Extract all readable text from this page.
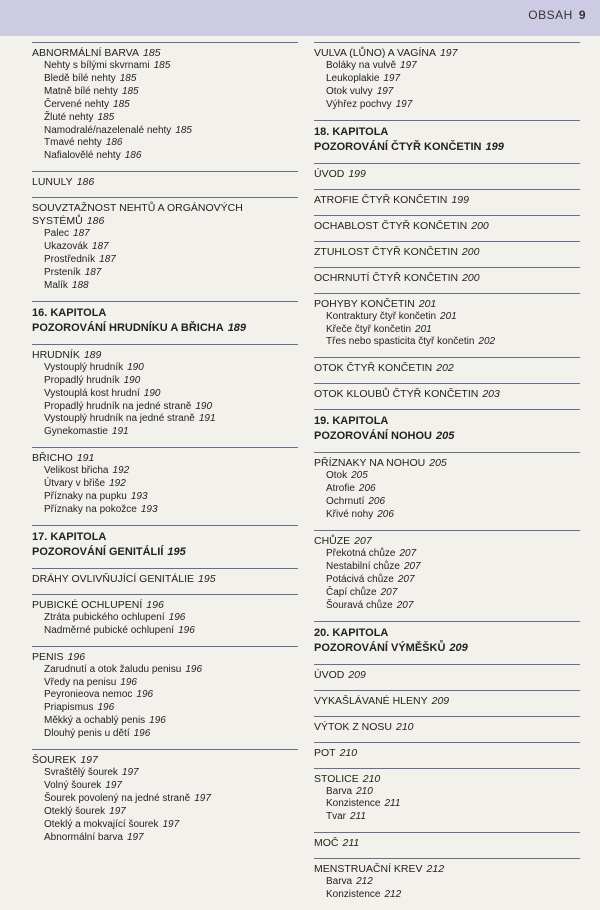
OBSAH 9
ABNORMÁLNÍ BARVA 185
Nehty s bílými skvrnami 185
Bledě bílé nehty 185
Matně bílé nehty 185
Červené nehty 185
Žluté nehty 185
Namodralé/nazelenalé nehty 185
Tmavé nehty 186
Nafialovělé nehty 186
LUNULY 186
SOUVZTAŽNOST NEHTŮ A ORGÁNOVÝCH SYSTÉMŮ 186
Palec 187
Ukazovák 187
Prostředník 187
Prsteník 187
Malík 188
16. KAPITOLA
POZOROVÁNÍ HRUDNÍKU A BŘICHA 189
HRUDNÍK 189
Vystouplý hrudník 190
Propadlý hrudník 190
Vystouplá kost hrudní 190
Propadlý hrudník na jedné straně 190
Vystouplý hrudník na jedné straně 191
Gynekomastie 191
BŘICHO 191
Velikost břicha 192
Útvary v břiše 192
Příznaky na pupku 193
Příznaky na pokožce 193
17. KAPITOLA
POZOROVÁNÍ GENITÁLIÍ 195
DRÁHY OVLIVŇUJÍCÍ GENITÁLIE 195
PUBICKÉ OCHLUPENÍ 196
Ztráta pubického ochlupení 196
Nadměrné pubické ochlupení 196
PENIS 196
Zarudnutí a otok žaludu penisu 196
Vředy na penisu 196
Peyronieova nemoc 196
Priapismus 196
Měkký a ochablý penis 196
Dlouhý penis u dětí 196
ŠOUREK 197
Svraštělý šourek 197
Volný šourek 197
Šourek povolený na jedné straně 197
Oteklý šourek 197
Oteklý a mokvající šourek 197
Abnormální barva 197
VULVA (LŮNO) A VAGÍNA 197
Boláky na vulvě 197
Leukoplakie 197
Otok vulvy 197
Výhřez pochvy 197
18. KAPITOLA
POZOROVÁNÍ ČTYŘ KONČETIN 199
ÚVOD 199
ATROFIE ČTYŘ KONČETIN 199
OCHABLOST ČTYŘ KONČETIN 200
ZTUHLOST ČTYŘ KONČETIN 200
OCHRNUTÍ ČTYŘ KONČETIN 200
POHYBY KONČETIN 201
Kontraktury čtyř končetin 201
Křeče čtyř končetin 201
Třes nebo spasticita čtyř končetin 202
OTOK ČTYŘ KONČETIN 202
OTOK KLOUBŮ ČTYŘ KONČETIN 203
19. KAPITOLA
POZOROVÁNÍ NOHOU 205
PŘÍZNAKY NA NOHOU 205
Otok 205
Atrofie 206
Ochrnutí 206
Křivé nohy 206
CHŮZE 207
Překotná chůze 207
Nestabilní chůze 207
Potácivá chůze 207
Čapí chůze 207
Šouravá chůze 207
20. KAPITOLA
POZOROVÁNÍ VÝMĚŠKŮ 209
ÚVOD 209
VYKAŠLÁVANÉ HLENY 209
VÝTOK Z NOSU 210
POT 210
STOLICE 210
Barva 210
Konzistence 211
Tvar 211
MOČ 211
MENSTRUAČNÍ KREV 212
Barva 212
Konzistence 212
